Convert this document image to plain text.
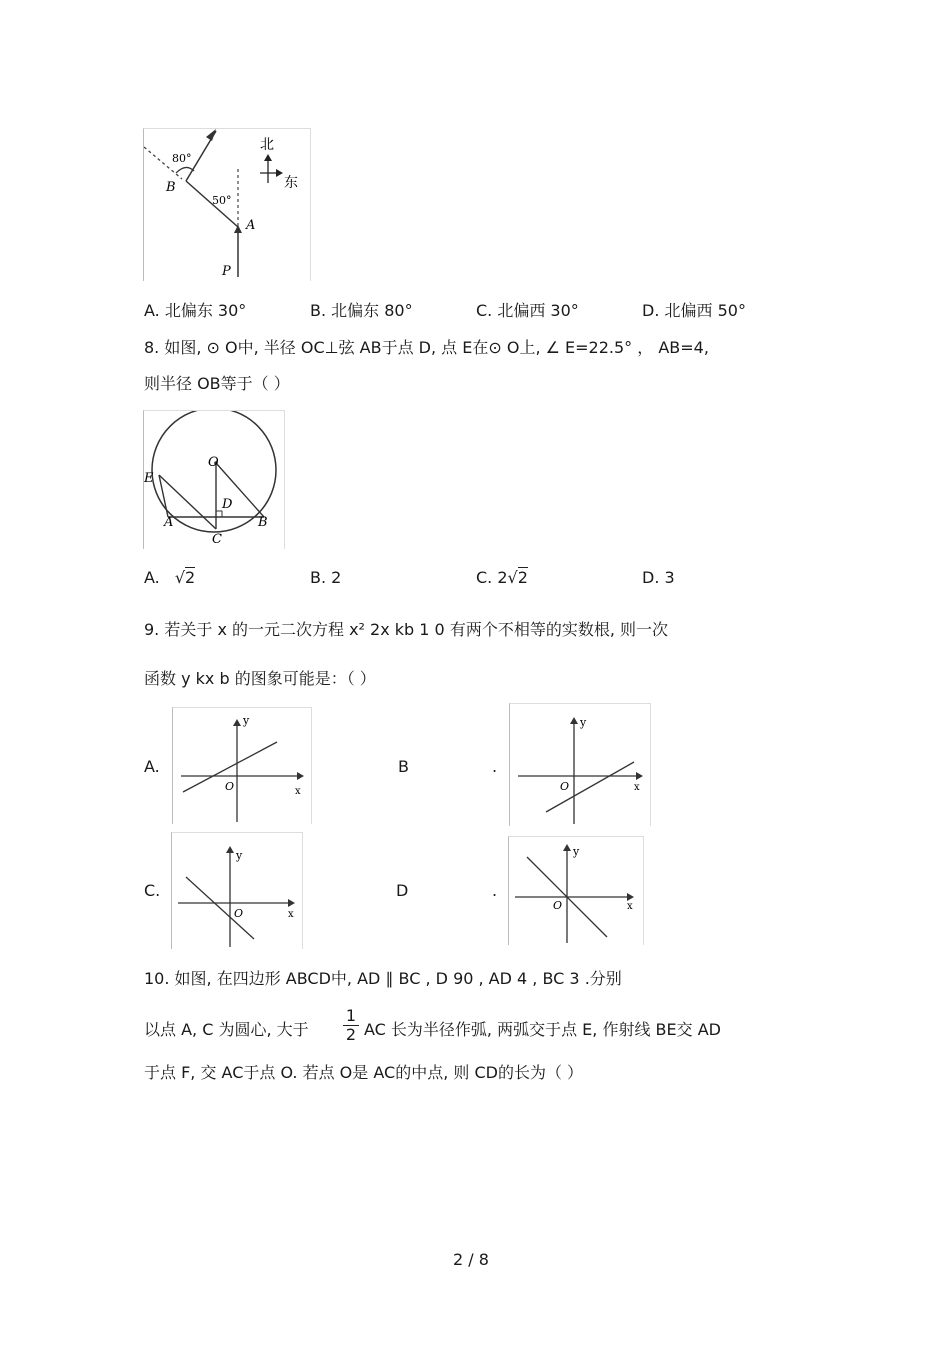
80°
50°
B
A
P
北
东
A. 北偏东 30°	B. 北偏东 80°	C. 北偏西 30°	D. 北偏西 50°
8. 如图, ⊙ O中, 半径 OC⊥弦 AB于点 D, 点 E在⊙ O上, ∠ E=22.5° ， AB=4,
则半径 OB等于（ ）
O
E
D
A	B
C
A. √2	B. 2	C. 2√2	D. 3
9. 若关于 x 的一元二次方程 x² 2x kb 1 0 有两个不相等的实数根, 则一次
函数 y kx b 的图象可能是：（ ）
A.
y
x
O
B	.
y
x
O
C.
y
x
O
D	.
y
x
O
10. 如图, 在四边形 ABCD中, AD ∥ BC , D 90 , AD 4 , BC 3 .分别
以点 A, C 为圆心, 大于 $\frac{1}{2}$ AC 长为半径作弧, 两弧交于点 E, 作射线 BE交 AD
于点 F, 交 AC于点 O. 若点 O是 AC的中点, 则 CD的长为（ ）
2 / 8
